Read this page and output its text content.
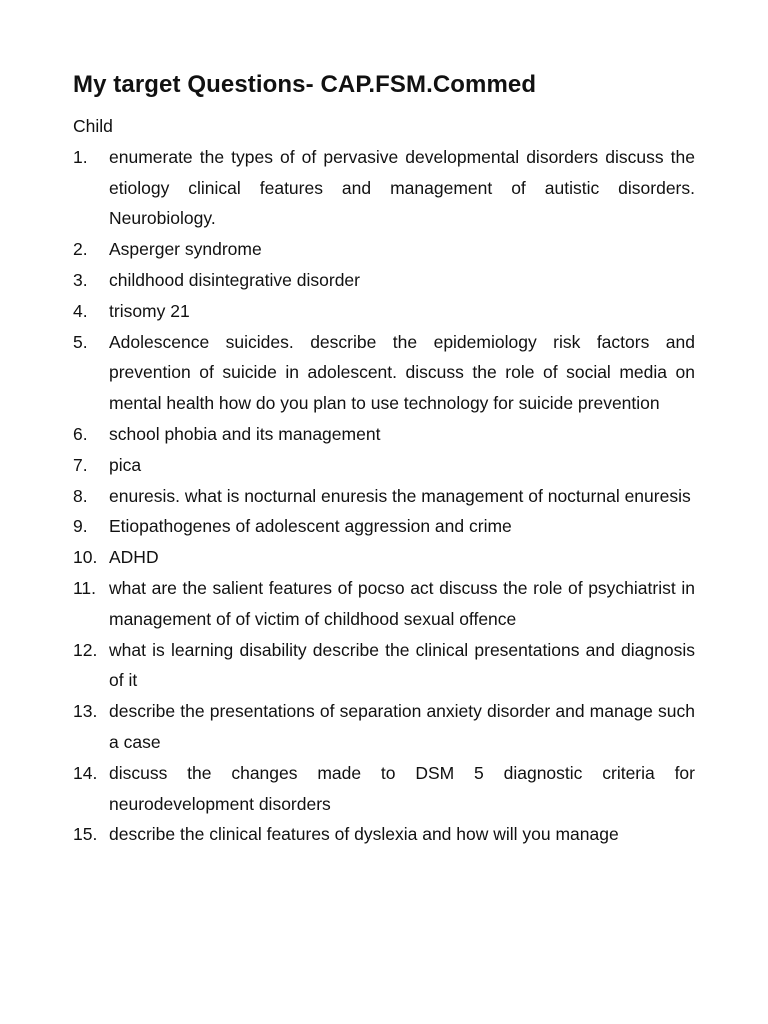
My target Questions- CAP.FSM.Commed

Child

1.	enumerate the types of of pervasive developmental disorders discuss the etiology clinical features and management of autistic disorders. Neurobiology.
2.	Asperger syndrome
3.	childhood disintegrative disorder
4.	trisomy 21
5.	Adolescence suicides. describe the epidemiology risk factors and prevention of suicide in adolescent. discuss the role of social media on mental health how do you plan to use technology for suicide prevention
6.	school phobia and its management
7.	pica
8.	enuresis. what is nocturnal enuresis the management of nocturnal enuresis
9.	Etiopathogenes of adolescent aggression and crime
10. ADHD
11. what are the salient features of pocso act discuss the role of psychiatrist in management of of victim of childhood sexual offence
12. what is learning disability describe the clinical presentations and diagnosis of it
13. describe the presentations of separation anxiety disorder and manage such a case
14. discuss the changes made to DSM 5 diagnostic criteria for neurodevelopment disorders
15. describe the clinical features of dyslexia and how will you manage
